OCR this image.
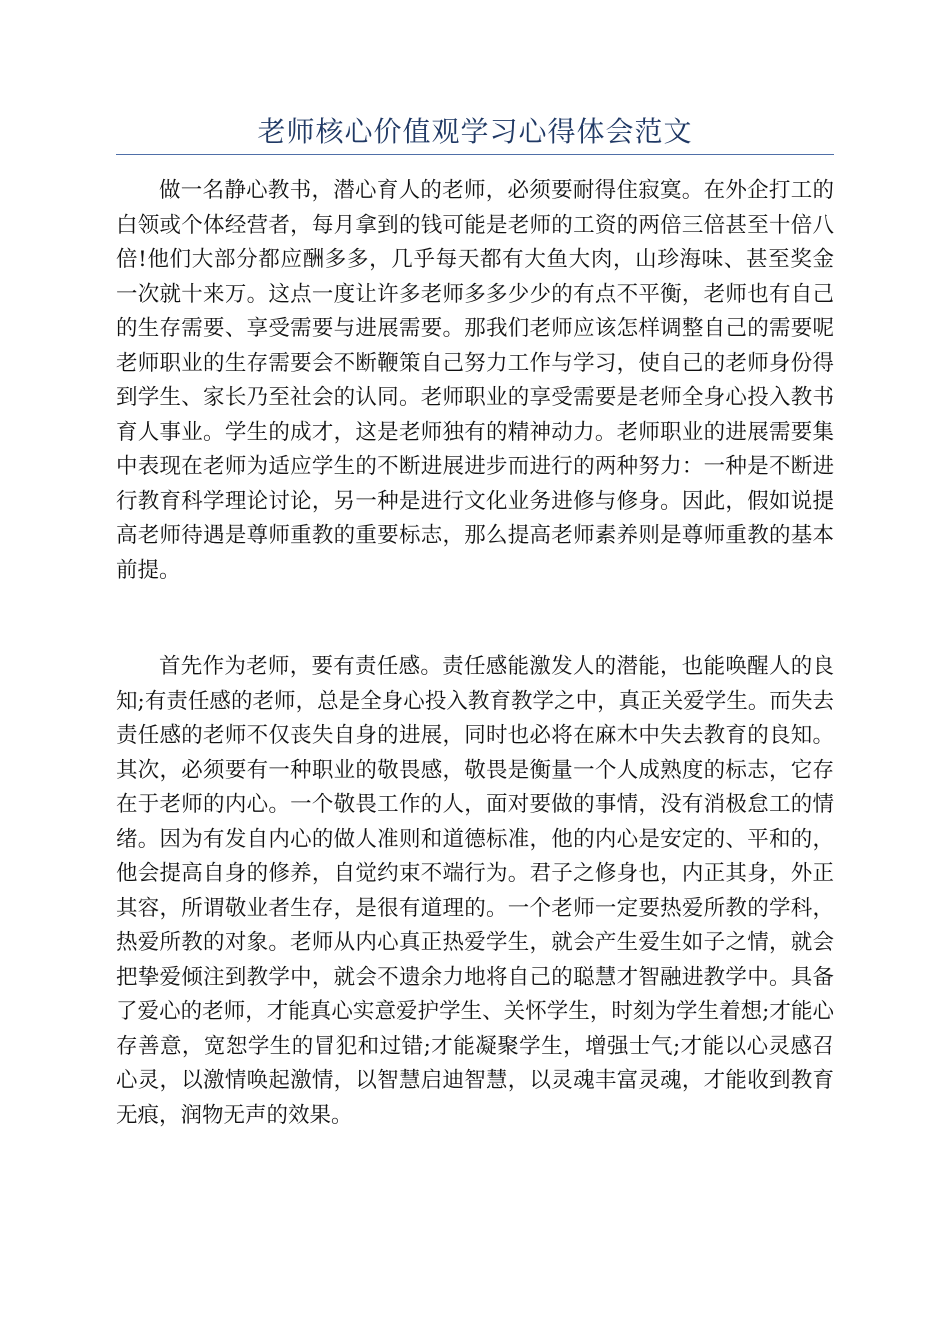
老师核心价值观学习心得体会范文

做一名静心教书，潜心育人的老师，必须要耐得住寂寞。在外企打工的白领或个体经营者，每月拿到的钱可能是老师的工资的两倍三倍甚至十倍八倍!他们大部分都应酬多多，几乎每天都有大鱼大肉，山珍海味、甚至奖金一次就十来万。这点一度让许多老师多多少少的有点不平衡，老师也有自己的生存需要、享受需要与进展需要。那我们老师应该怎样调整自己的需要呢老师职业的生存需要会不断鞭策自己努力工作与学习，使自己的老师身份得到学生、家长乃至社会的认同。老师职业的享受需要是老师全身心投入教书育人事业。学生的成才，这是老师独有的精神动力。老师职业的进展需要集中表现在老师为适应学生的不断进展进步而进行的两种努力：一种是不断进行教育科学理论讨论，另一种是进行文化业务进修与修身。因此，假如说提高老师待遇是尊师重教的重要标志，那么提高老师素养则是尊师重教的基本前提。

首先作为老师，要有责任感。责任感能激发人的潜能，也能唤醒人的良知;有责任感的老师，总是全身心投入教育教学之中，真正关爱学生。而失去责任感的老师不仅丧失自身的进展，同时也必将在麻木中失去教育的良知。其次，必须要有一种职业的敬畏感，敬畏是衡量一个人成熟度的标志，它存在于老师的内心。一个敬畏工作的人，面对要做的事情，没有消极怠工的情绪。因为有发自内心的做人准则和道德标准，他的内心是安定的、平和的，他会提高自身的修养，自觉约束不端行为。君子之修身也，内正其身，外正其容，所谓敬业者生存，是很有道理的。一个老师一定要热爱所教的学科，热爱所教的对象。老师从内心真正热爱学生，就会产生爱生如子之情，就会把挚爱倾注到教学中，就会不遗余力地将自己的聪慧才智融进教学中。具备了爱心的老师，才能真心实意爱护学生、关怀学生，时刻为学生着想;才能心存善意，宽恕学生的冒犯和过错;才能凝聚学生，增强士气;才能以心灵感召心灵，以激情唤起激情，以智慧启迪智慧，以灵魂丰富灵魂，才能收到教育无痕，润物无声的效果。
